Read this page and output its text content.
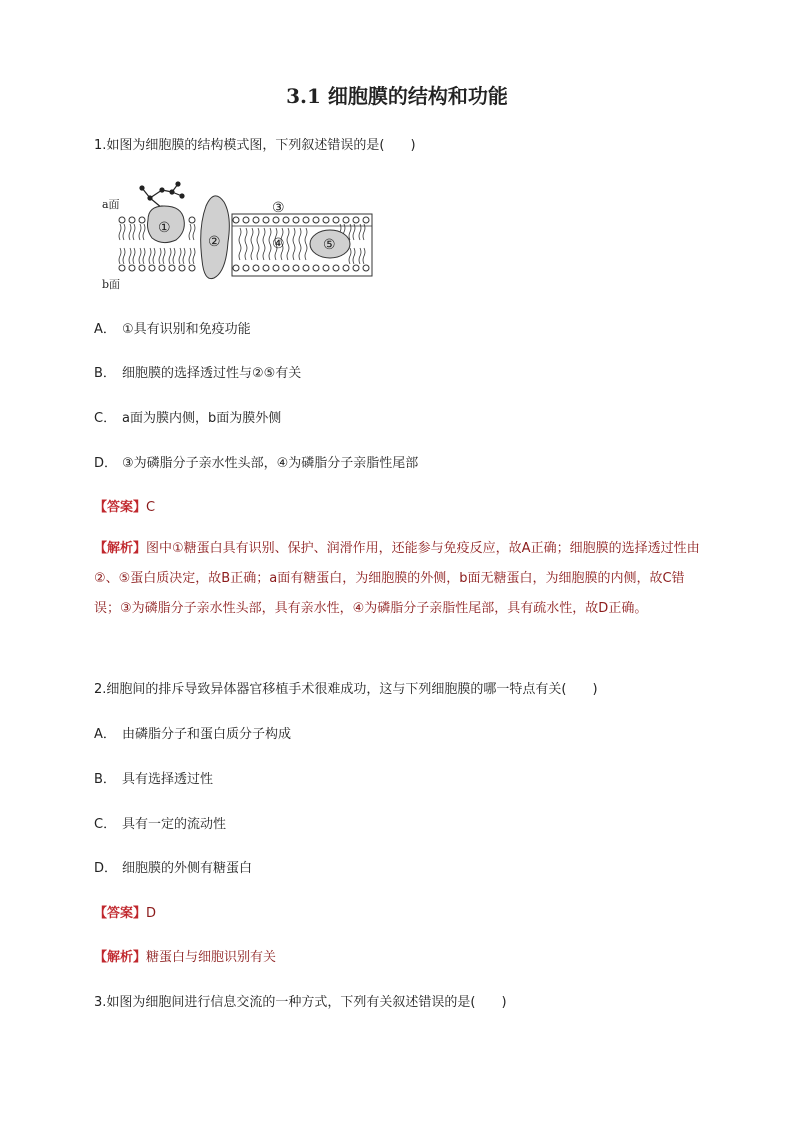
3.1 细胞膜的结构和功能
1.如图为细胞膜的结构模式图，下列叙述错误的是(　　)
a面
b面
①
②
③
④	⑤
A． ①具有识别和免疫功能
B． 细胞膜的选择透过性与②⑤有关
C． a面为膜内侧，b面为膜外侧
D． ③为磷脂分子亲水性头部，④为磷脂分子亲脂性尾部
【答案】C
【解析】图中①糖蛋白具有识别、保护、润滑作用，还能参与免疫反应，故A正确；细胞膜的选择透过性由②、⑤蛋白质决定，故B正确；a面有糖蛋白，为细胞膜的外侧，b面无糖蛋白，为细胞膜的内侧，故C错误；③为磷脂分子亲水性头部，具有亲水性，④为磷脂分子亲脂性尾部，具有疏水性，故D正确。
2.细胞间的排斥导致异体器官移植手术很难成功，这与下列细胞膜的哪一特点有关(　　)
A． 由磷脂分子和蛋白质分子构成
B． 具有选择透过性
C． 具有一定的流动性
D． 细胞膜的外侧有糖蛋白
【答案】D
【解析】糖蛋白与细胞识别有关
3.如图为细胞间进行信息交流的一种方式，下列有关叙述错误的是(　　)
